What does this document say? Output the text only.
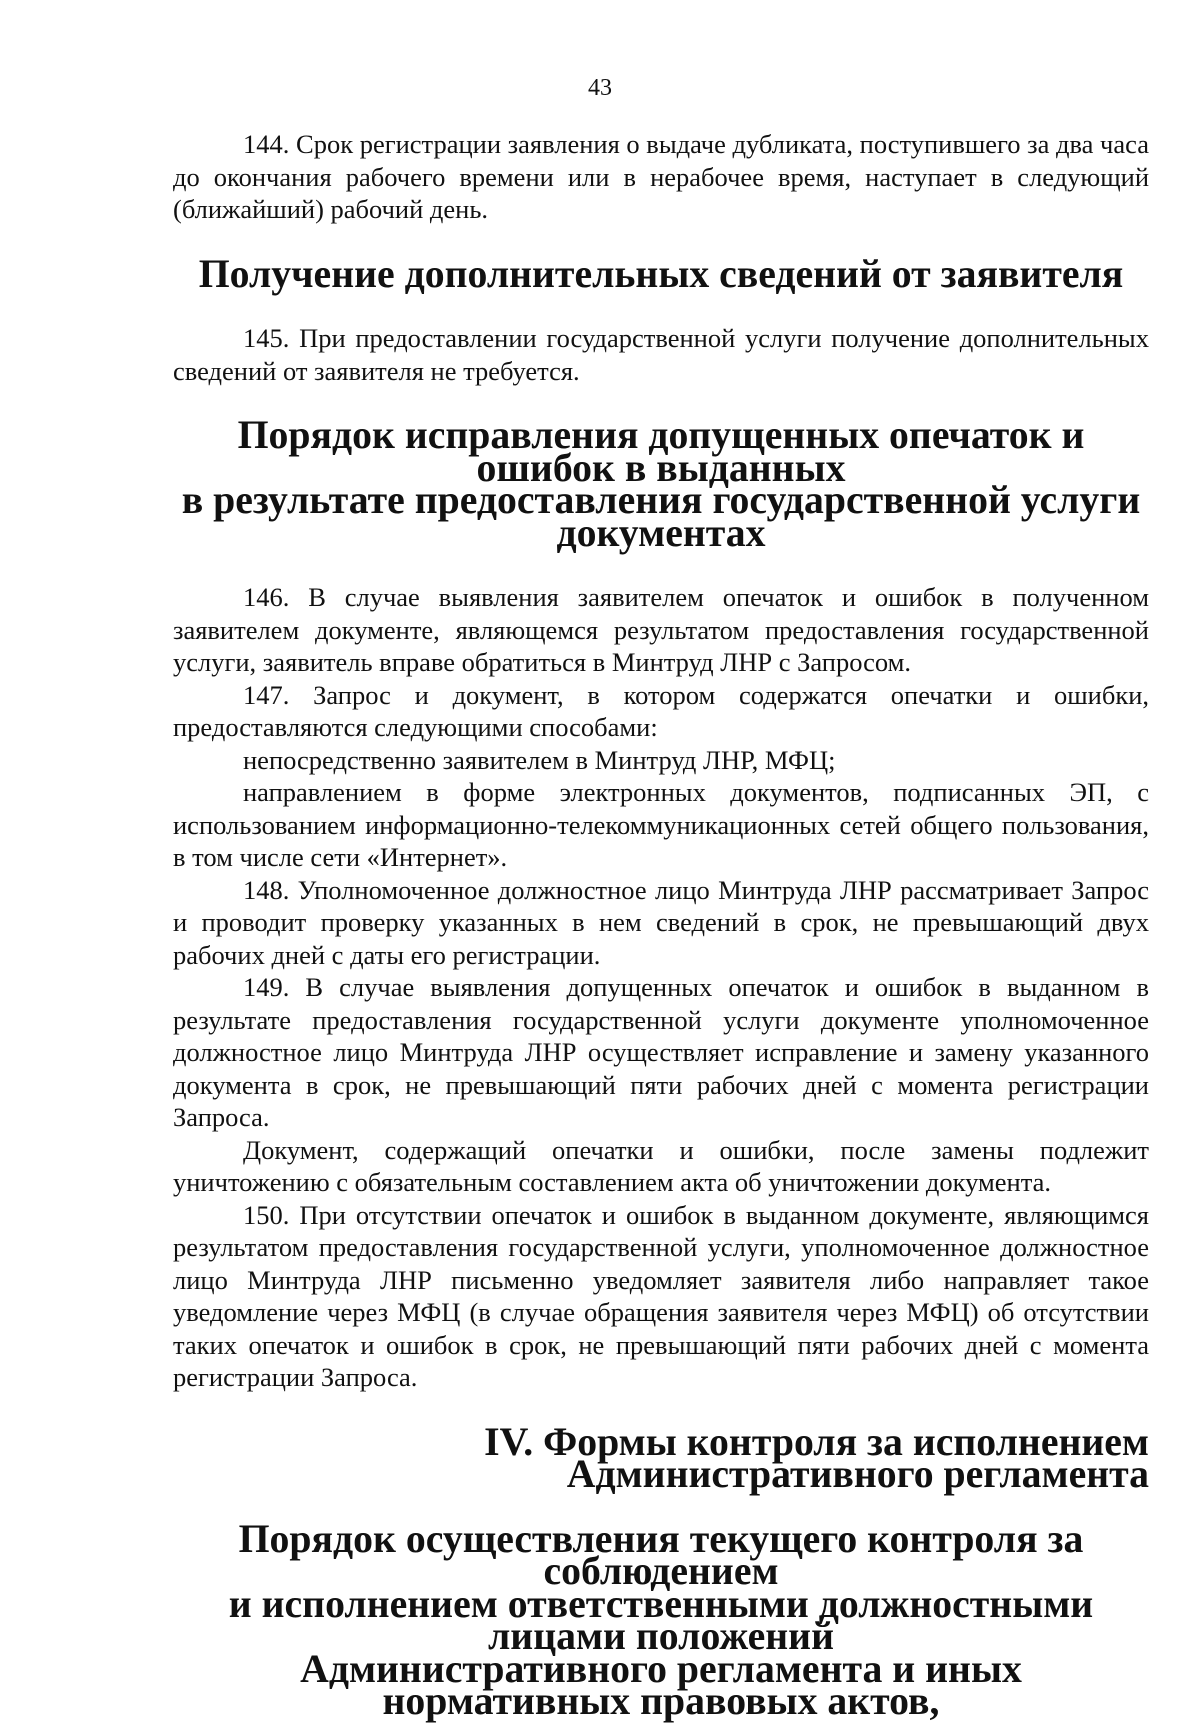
43

144. Срок регистрации заявления о выдаче дубликата, поступившего за два часа до окончания рабочего времени или в нерабочее время, наступает в следующий (ближайший) рабочий день.

Получение дополнительных сведений от заявителя

145. При предоставлении государственной услуги получение дополнительных сведений от заявителя не требуется.

Порядок исправления допущенных опечаток и ошибок в выданных
в результате предоставления государственной услуги документах

146. В случае выявления заявителем опечаток и ошибок в полученном заявителем документе, являющемся результатом предоставления государственной услуги, заявитель вправе обратиться в Минтруд ЛНР с Запросом.

147. Запрос и документ, в котором содержатся опечатки и ошибки, предоставляются следующими способами:

непосредственно заявителем в Минтруд ЛНР, МФЦ;

направлением в форме электронных документов, подписанных ЭП, с использованием информационно-телекоммуникационных сетей общего пользования, в том числе сети «Интернет».

148. Уполномоченное должностное лицо Минтруда ЛНР рассматривает Запрос и проводит проверку указанных в нем сведений в срок, не превышающий двух рабочих дней с даты его регистрации.

149. В случае выявления допущенных опечаток и ошибок в выданном в результате предоставления государственной услуги документе уполномоченное должностное лицо Минтруда ЛНР осуществляет исправление и замену указанного документа в срок, не превышающий пяти рабочих дней с момента регистрации Запроса.

Документ, содержащий опечатки и ошибки, после замены подлежит уничтожению с обязательным составлением акта об уничтожении документа.

150. При отсутствии опечаток и ошибок в выданном документе, являющимся результатом предоставления государственной услуги, уполномоченное должностное лицо Минтруда ЛНР письменно уведомляет заявителя либо направляет такое уведомление через МФЦ (в случае обращения заявителя через МФЦ) об отсутствии таких опечаток и ошибок в срок, не превышающий пяти рабочих дней с момента регистрации Запроса.

IV. Формы контроля за исполнением Административного регламента
Порядок осуществления текущего контроля за соблюдением
и исполнением ответственными должностными лицами положений
Административного регламента и иных нормативных правовых актов,
